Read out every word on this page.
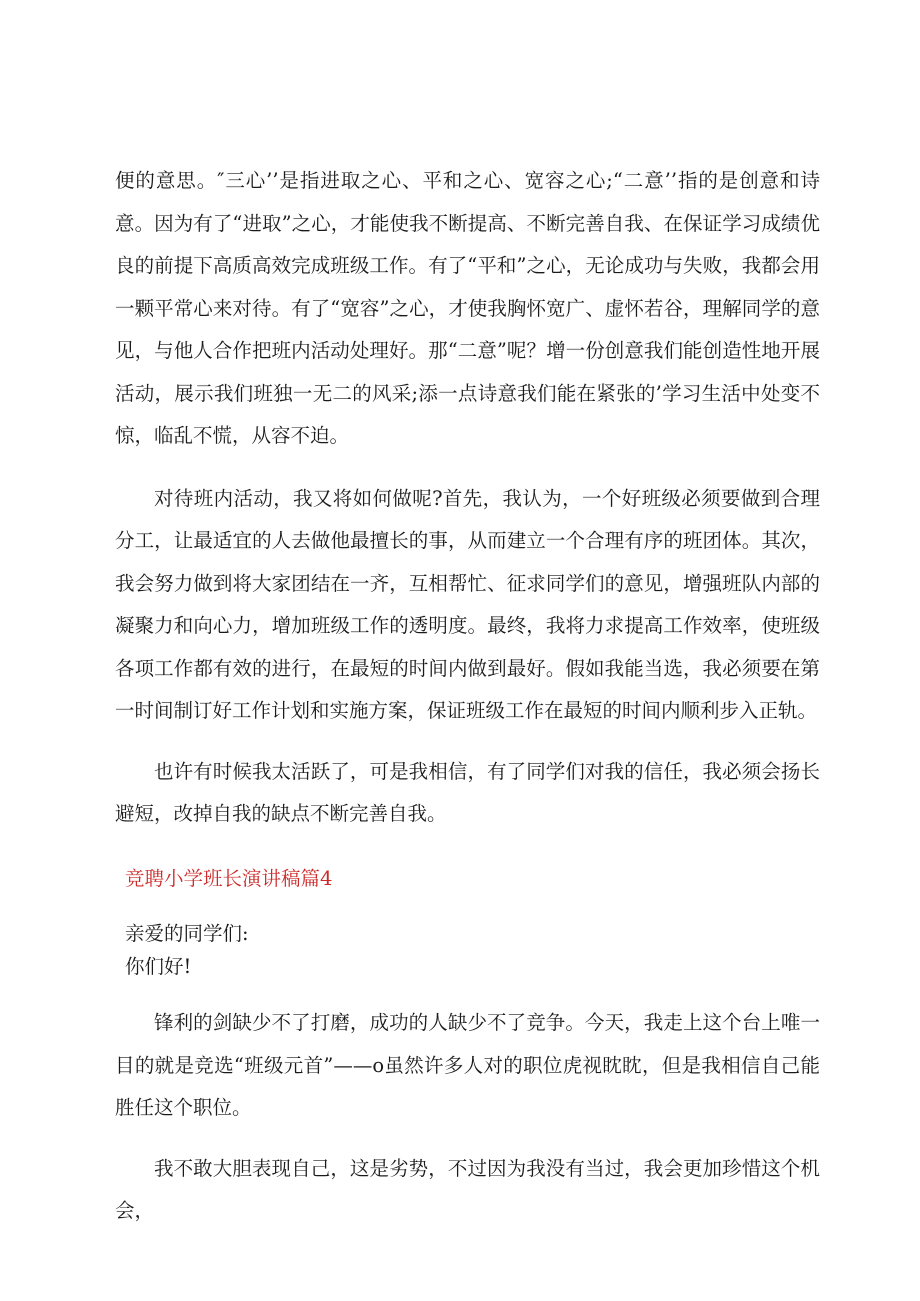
便的意思。″三心’’是指进取之心、平和之心、宽容之心;“二意’’指的是创意和诗意。因为有了“进取”之心，才能使我不断提高、不断完善自我、在保证学习成绩优良的前提下高质高效完成班级工作。有了“平和”之心，无论成功与失败，我都会用一颗平常心来对待。有了“宽容”之心，才使我胸怀宽广、虚怀若谷，理解同学的意见，与他人合作把班内活动处理好。那“二意”呢？增一份创意我们能创造性地开展活动，展示我们班独一无二的风采;添一点诗意我们能在紧张的’学习生活中处变不惊，临乱不慌，从容不迫。

对待班内活动，我又将如何做呢?首先，我认为，一个好班级必须要做到合理分工，让最适宜的人去做他最擅长的事，从而建立一个合理有序的班团体。其次，我会努力做到将大家团结在一齐，互相帮忙、征求同学们的意见，增强班队内部的凝聚力和向心力，增加班级工作的透明度。最终，我将力求提高工作效率，使班级各项工作都有效的进行，在最短的时间内做到最好。假如我能当选，我必须要在第一时间制订好工作计划和实施方案，保证班级工作在最短的时间内顺利步入正轨。

也许有时候我太活跃了，可是我相信，有了同学们对我的信任，我必须会扬长避短，改掉自我的缺点不断完善自我。

竞聘小学班长演讲稿篇4

亲爱的同学们:

你们好!

锋利的剑缺少不了打磨，成功的人缺少不了竞争。今天，我走上这个台上唯一目的就是竞选“班级元首”——o虽然许多人对的职位虎视眈眈，但是我相信自己能胜任这个职位。

我不敢大胆表现自己，这是劣势，不过因为我没有当过，我会更加珍惜这个机会，
